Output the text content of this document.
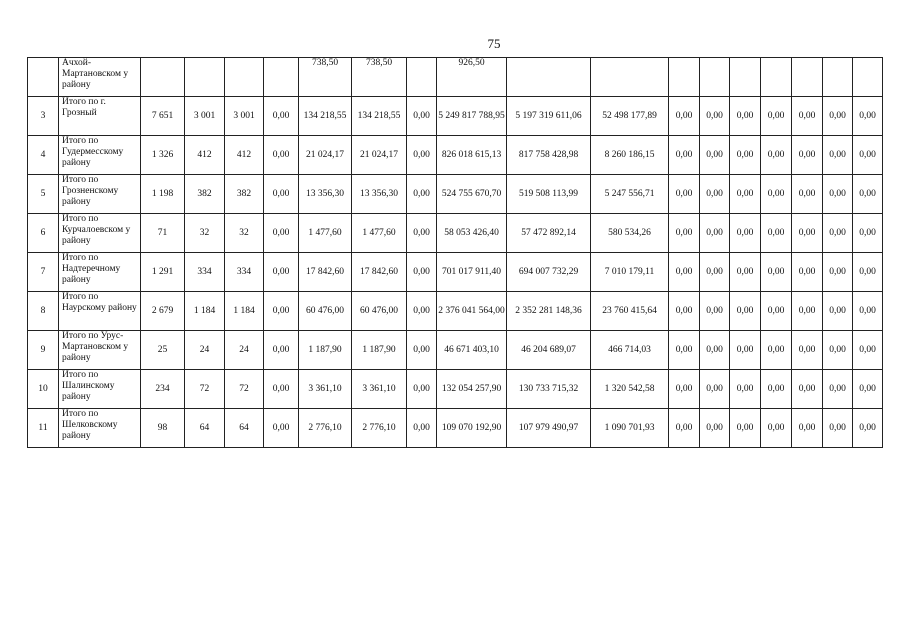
75
	Ачхой-Мартановском у району					738,50	738,50		926,50									
3	Итого по г. Грозный	7 651	3 001	3 001	0,00	134 218,55	134 218,55	0,00	5 249 817 788,95	5 197 319 611,06	52 498 177,89	0,00	0,00	0,00	0,00	0,00	0,00	0,00
4	Итого по Гудермесскому району	1 326	412	412	0,00	21 024,17	21 024,17	0,00	826 018 615,13	817 758 428,98	8 260 186,15	0,00	0,00	0,00	0,00	0,00	0,00	0,00
5	Итого по Грозненскому району	1 198	382	382	0,00	13 356,30	13 356,30	0,00	524 755 670,70	519 508 113,99	5 247 556,71	0,00	0,00	0,00	0,00	0,00	0,00	0,00
6	Итого по Курчалоевском у району	71	32	32	0,00	1 477,60	1 477,60	0,00	58 053 426,40	57 472 892,14	580 534,26	0,00	0,00	0,00	0,00	0,00	0,00	0,00
7	Итого по Надтеречному району	1 291	334	334	0,00	17 842,60	17 842,60	0,00	701 017 911,40	694 007 732,29	7 010 179,11	0,00	0,00	0,00	0,00	0,00	0,00	0,00
8	Итого по Наурскому району	2 679	1 184	1 184	0,00	60 476,00	60 476,00	0,00	2 376 041 564,00	2 352 281 148,36	23 760 415,64	0,00	0,00	0,00	0,00	0,00	0,00	0,00
9	Итого по Урус-Мартановском у району	25	24	24	0,00	1 187,90	1 187,90	0,00	46 671 403,10	46 204 689,07	466 714,03	0,00	0,00	0,00	0,00	0,00	0,00	0,00
10	Итого по Шалинскому району	234	72	72	0,00	3 361,10	3 361,10	0,00	132 054 257,90	130 733 715,32	1 320 542,58	0,00	0,00	0,00	0,00	0,00	0,00	0,00
11	Итого по Шелковскому району	98	64	64	0,00	2 776,10	2 776,10	0,00	109 070 192,90	107 979 490,97	1 090 701,93	0,00	0,00	0,00	0,00	0,00	0,00	0,00
